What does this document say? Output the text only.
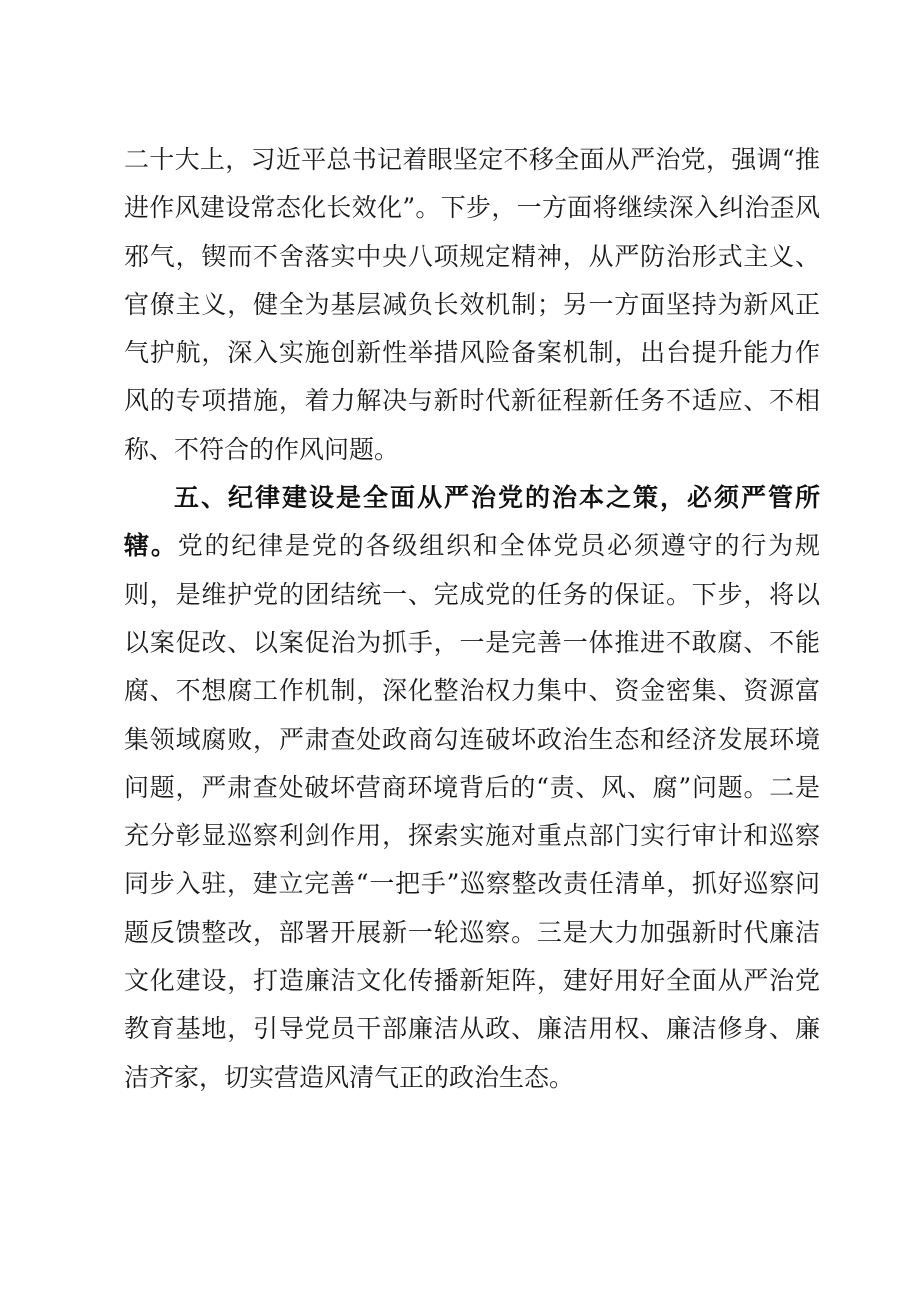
二十大上，习近平总书记着眼坚定不移全面从严治党，强调“推进作风建设常态化长效化”。下步，一方面将继续深入纠治歪风邪气，锲而不舍落实中央八项规定精神，从严防治形式主义、官僚主义，健全为基层减负长效机制；另一方面坚持为新风正气护航，深入实施创新性举措风险备案机制，出台提升能力作风的专项措施，着力解决与新时代新征程新任务不适应、不相称、不符合的作风问题。

五、纪律建设是全面从严治党的治本之策，必须严管所辖。党的纪律是党的各级组织和全体党员必须遵守的行为规则，是维护党的团结统一、完成党的任务的保证。下步，将以以案促改、以案促治为抓手，一是完善一体推进不敢腐、不能腐、不想腐工作机制，深化整治权力集中、资金密集、资源富集领域腐败，严肃查处政商勾连破坏政治生态和经济发展环境问题，严肃查处破坏营商环境背后的“责、风、腐”问题。二是充分彰显巡察利剑作用，探索实施对重点部门实行审计和巡察同步入驻，建立完善“一把手”巡察整改责任清单，抓好巡察问题反馈整改，部署开展新一轮巡察。三是大力加强新时代廉洁文化建设，打造廉洁文化传播新矩阵，建好用好全面从严治党教育基地，引导党员干部廉洁从政、廉洁用权、廉洁修身、廉洁齐家，切实营造风清气正的政治生态。
